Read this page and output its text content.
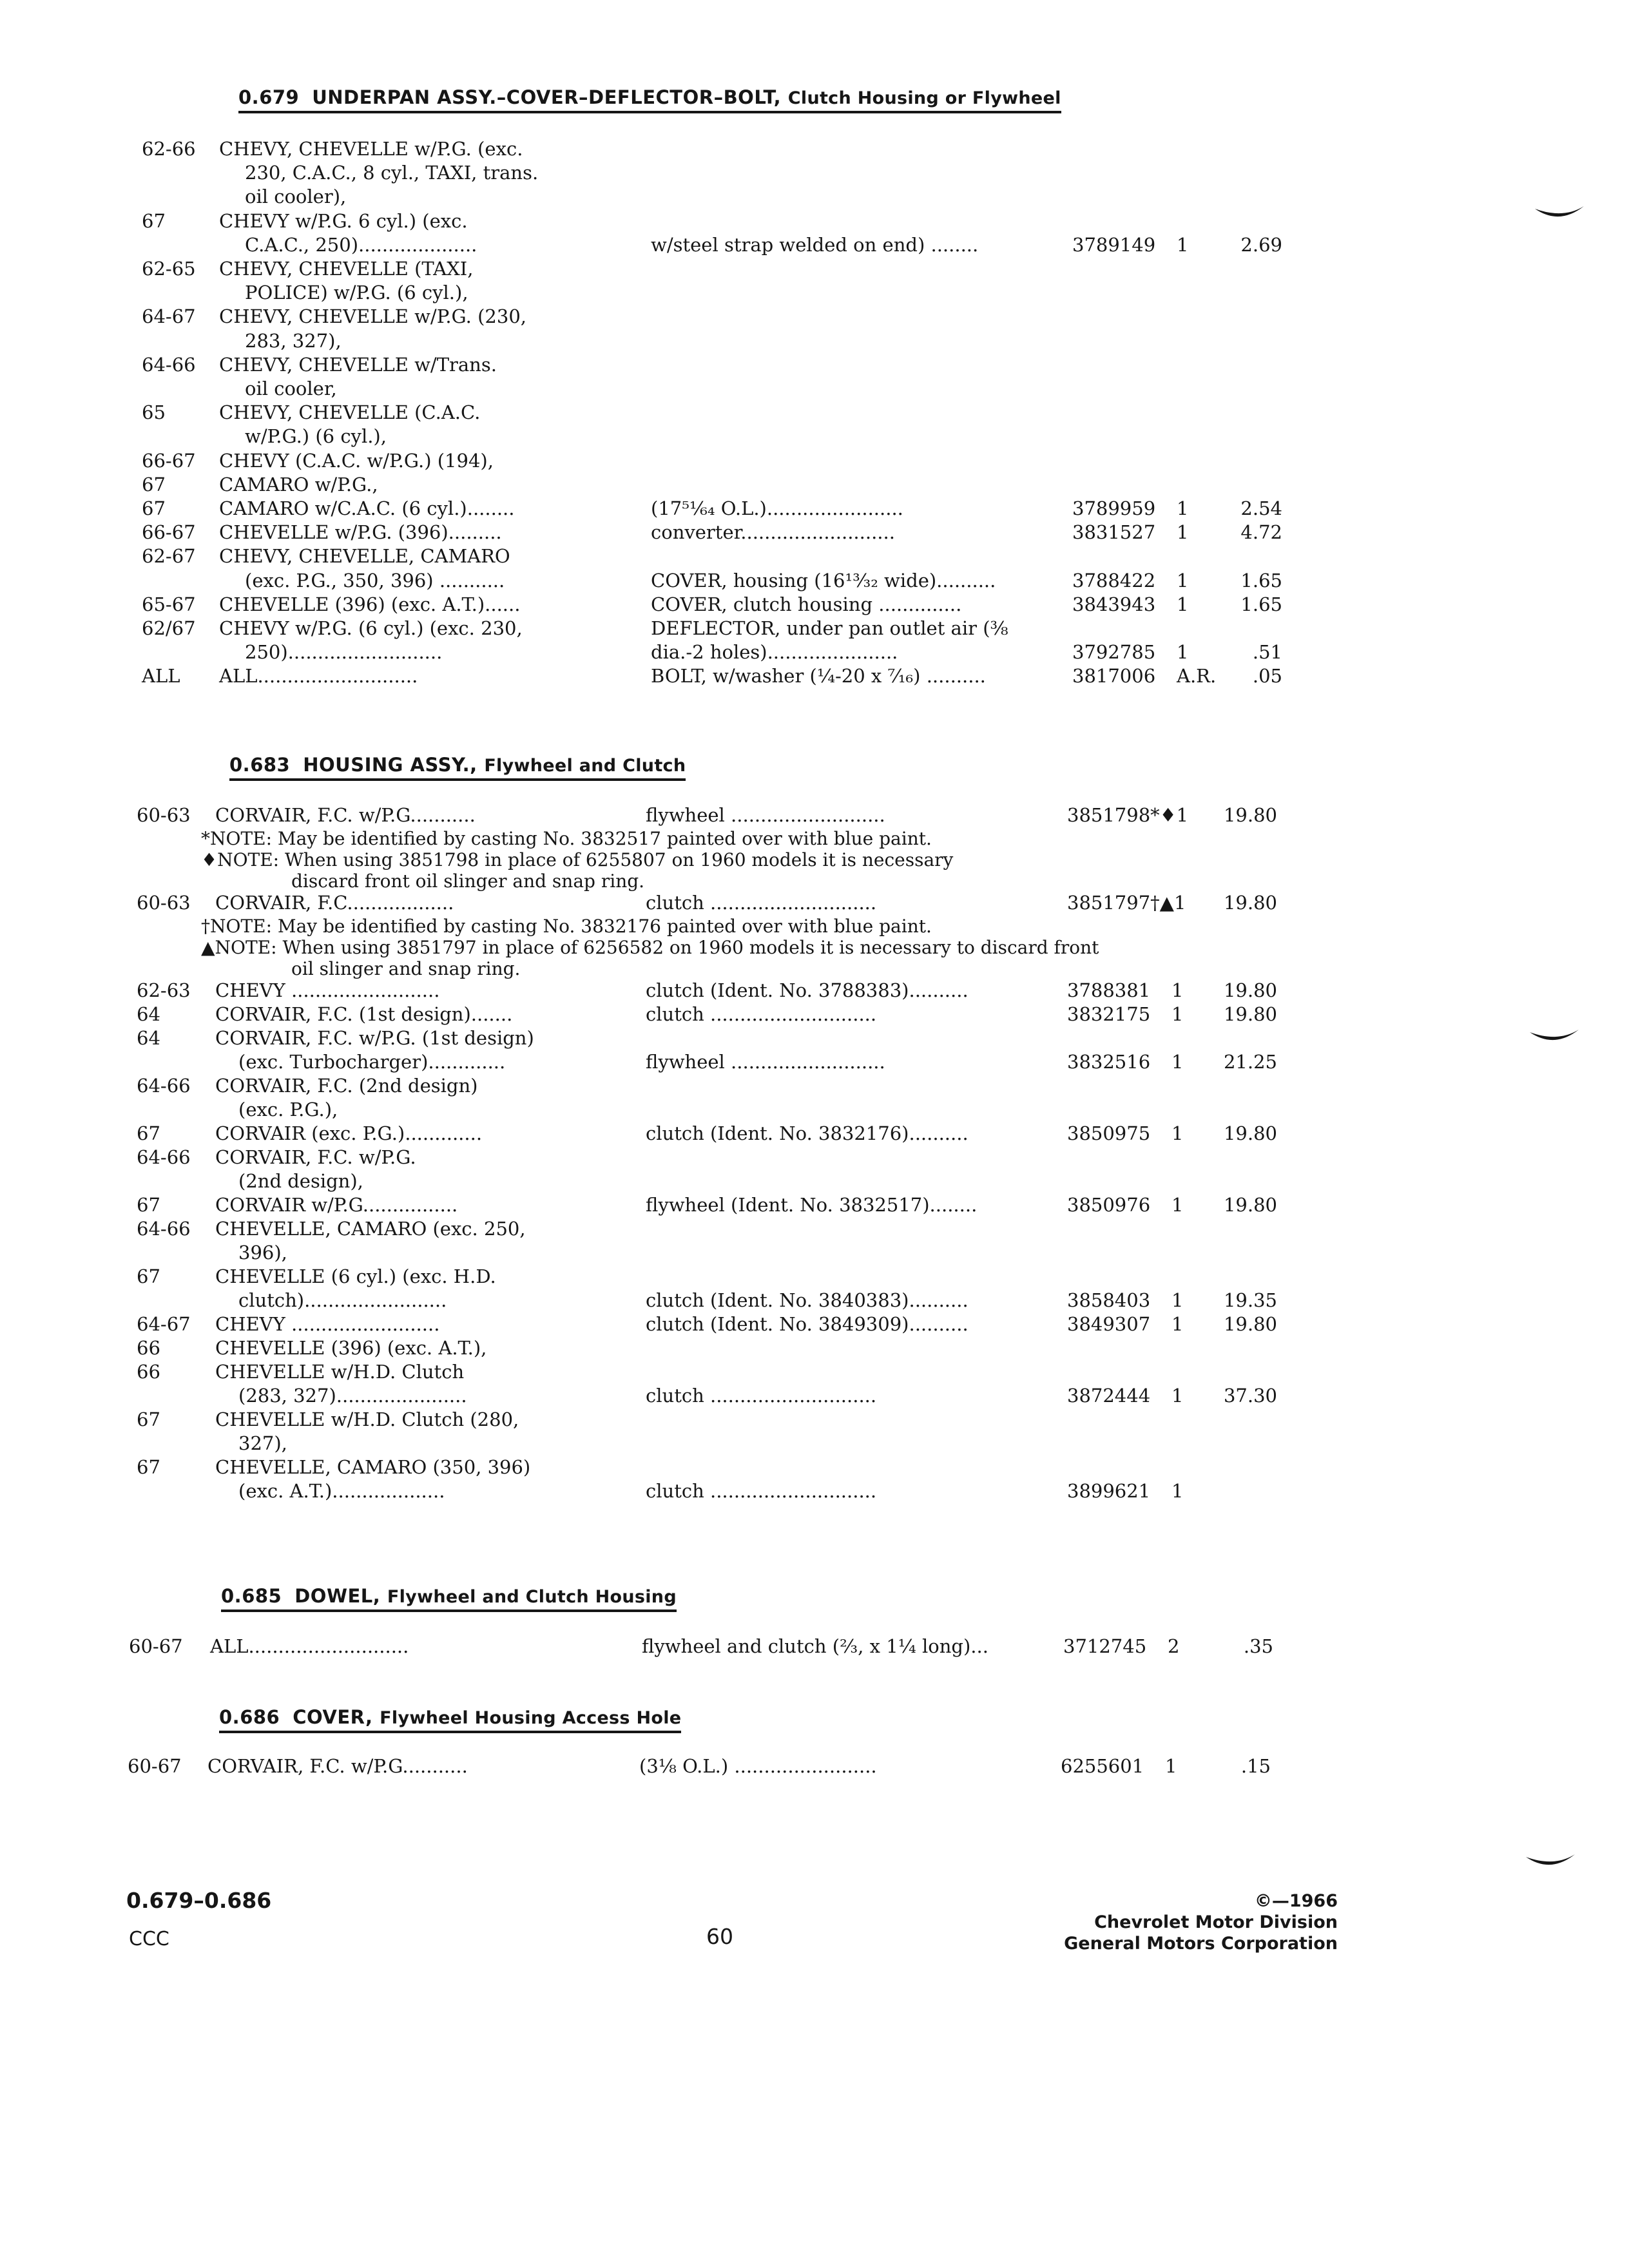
0.679 UNDERPAN ASSY.–COVER–DEFLECTOR–BOLT, Clutch Housing or Flywheel
62-66 CHEVY, CHEVELLE w/P.G. (exc.
230, C.A.C., 8 cyl., TAXI, trans.
oil cooler),
67	CHEVY w/P.G. 6 cyl.) (exc.
C.A.C., 250)....................	w/steel strap welded on end) ........	3789149 1	2.69
62-65 CHEVY, CHEVELLE (TAXI,
POLICE) w/P.G. (6 cyl.),
64-67 CHEVY, CHEVELLE w/P.G. (230,
283, 327),
64-66 CHEVY, CHEVELLE w/Trans.
oil cooler,
65	CHEVY, CHEVELLE (C.A.C.
w/P.G.) (6 cyl.),
66-67 CHEVY (C.A.C. w/P.G.) (194),
67	CAMARO w/P.G.,
67	CAMARO w/C.A.C. (6 cyl.)........	(17⁵¹⁄₆₄ O.L.).......................	3789959 1	2.54
66-67 CHEVELLE w/P.G. (396).........	converter..........................	3831527 1	4.72
62-67 CHEVY, CHEVELLE, CAMARO
(exc. P.G., 350, 396) ...........	COVER, housing (16¹³⁄₃₂ wide)..........	3788422 1	1.65
65-67 CHEVELLE (396) (exc. A.T.)......	COVER, clutch housing ..............	3843943 1	1.65
62/67 CHEVY w/P.G. (6 cyl.) (exc. 230,	DEFLECTOR, under pan outlet air (⅜
250)..........................	dia.-2 holes)......................	3792785 1	.51
ALL ALL...........................	BOLT, w/washer (¼-20 x ⁷⁄₁₆) ..........	3817006 A.R. .05
0.683 HOUSING ASSY., Flywheel and Clutch
60-63 CORVAIR, F.C. w/P.G...........	flywheel ..........................	3851798*♦1 19.80
*NOTE: May be identified by casting No. 3832517 painted over with blue paint.
♦NOTE: When using 3851798 in place of 6255807 on 1960 models it is necessary
discard front oil slinger and snap ring.
60-63 CORVAIR, F.C..................	clutch ............................	3851797†▲1 19.80
†NOTE: May be identified by casting No. 3832176 painted over with blue paint.
▲NOTE: When using 3851797 in place of 6256582 on 1960 models it is necessary to discard front
oil slinger and snap ring.
62-63 CHEVY .........................	clutch (Ident. No. 3788383)..........	3788381 1 19.80
64	CORVAIR, F.C. (1st design).......	clutch ............................	3832175 1 19.80
64	CORVAIR, F.C. w/P.G. (1st design)
(exc. Turbocharger).............	flywheel ..........................	3832516 1 21.25
64-66 CORVAIR, F.C. (2nd design)
(exc. P.G.),
67	CORVAIR (exc. P.G.).............	clutch (Ident. No. 3832176)..........	3850975 1 19.80
64-66 CORVAIR, F.C. w/P.G.
(2nd design),
67	CORVAIR w/P.G................	flywheel (Ident. No. 3832517)........	3850976 1 19.80
64-66 CHEVELLE, CAMARO (exc. 250,
396),
67	CHEVELLE (6 cyl.) (exc. H.D.
clutch)........................	clutch (Ident. No. 3840383)..........	3858403 1 19.35
64-67 CHEVY .........................	clutch (Ident. No. 3849309)..........	3849307 1 19.80
66	CHEVELLE (396) (exc. A.T.),
66	CHEVELLE w/H.D. Clutch
(283, 327)......................	clutch ............................	3872444 1 37.30
67	CHEVELLE w/H.D. Clutch (280,
327),
67	CHEVELLE, CAMARO (350, 396)
(exc. A.T.)...................	clutch ............................	3899621 1
0.685 DOWEL, Flywheel and Clutch Housing
60-67 ALL...........................	flywheel and clutch (²⁄₃, x 1¼ long)...	3712745 2	.35
0.686 COVER, Flywheel Housing Access Hole
60-67 CORVAIR, F.C. w/P.G...........	(3⅛ O.L.) ........................	6255601 1	.15
0.679–0.686
CCC	60
©—1966
Chevrolet Motor Division
General Motors Corporation
